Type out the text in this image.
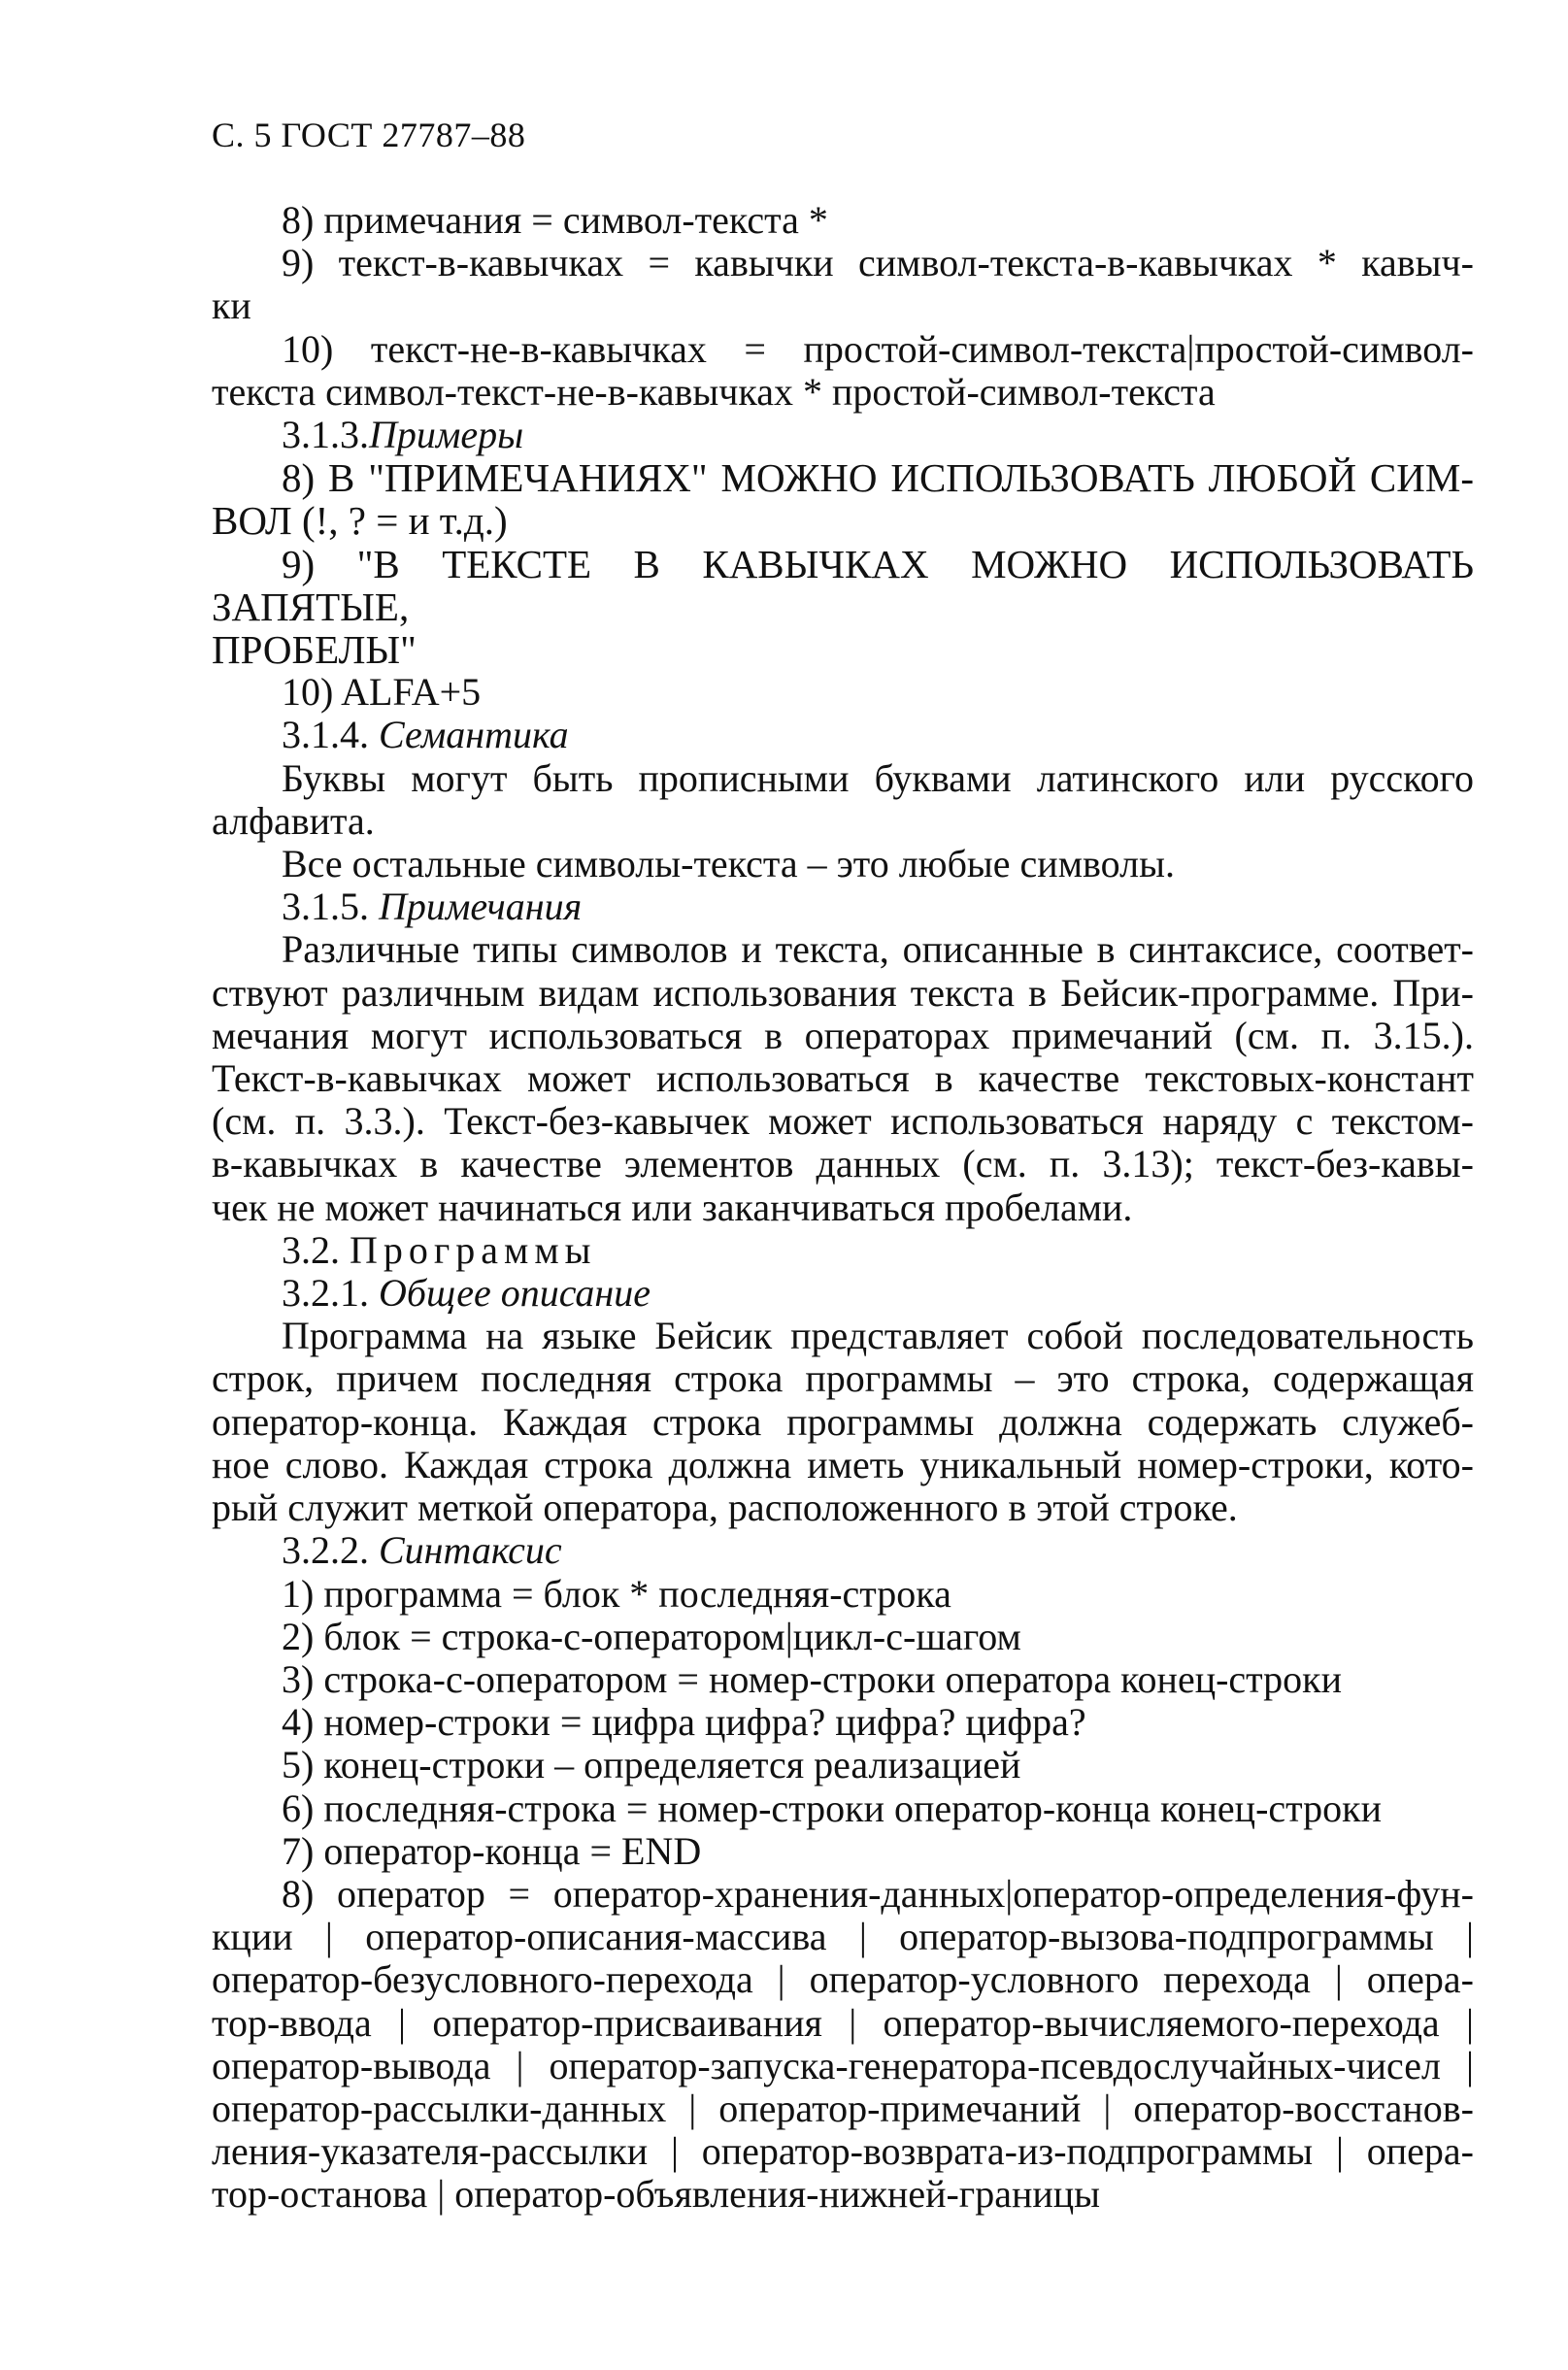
С. 5 ГОСТ 27787–88

8) примечания = символ-текста *

9) текст-в-кавычках = кавычки символ-текста-в-кавычках * кавыч-

ки

10) текст-не-в-кавычках = простой-символ-текста|простой-символ-

текста символ-текст-не-в-кавычках * простой-символ-текста

3.1.3.Примеры

8) В "ПРИМЕЧАНИЯХ" МОЖНО ИСПОЛЬЗОВАТЬ ЛЮБОЙ СИМ-

ВОЛ (!, ? = и т.д.)

9) "В ТЕКСТЕ В КАВЫЧКАХ МОЖНО ИСПОЛЬЗОВАТЬ ЗАПЯТЫЕ,

ПРОБЕЛЫ"

10) ALFA+5

3.1.4. Семантика

Буквы могут быть прописными буквами латинского или русского

алфавита.

Все остальные символы-текста – это любые символы.

3.1.5. Примечания

Различные типы символов и текста, описанные в синтаксисе, соответ-

ствуют различным видам использования текста в Бейсик-программе. При-

мечания могут использоваться в операторах примечаний (см. п. 3.15.).

Текст-в-кавычках может использоваться в качестве текстовых-констант

(см. п. 3.3.). Текст-без-кавычек может использоваться наряду с текстом-

в-кавычках в качестве элементов данных (см. п. 3.13); текст-без-кавы-

чек не может начинаться или заканчиваться пробелами.

3.2. Программы

3.2.1. Общее описание

Программа на языке Бейсик представляет собой последовательность

строк, причем последняя строка программы – это строка, содержащая

оператор-конца. Каждая строка программы должна содержать служеб-

ное слово. Каждая строка должна иметь уникальный номер-строки, кото-

рый служит меткой оператора, расположенного в этой строке.

3.2.2. Синтаксис

1) программа = блок * последняя-строка

2) блок = строка-с-оператором|цикл-с-шагом

3) строка-с-оператором = номер-строки оператора конец-строки

4) номер-строки = цифра цифра? цифра? цифра?

5) конец-строки – определяется реализацией

6) последняя-строка = номер-строки оператор-конца конец-строки

7) оператор-конца = END

8) оператор = оператор-хранения-данных|оператор-определения-фун-

кции | оператор-описания-массива | оператор-вызова-подпрограммы |

оператор-безусловного-перехода | оператор-условного перехода | опера-

тор-ввода | оператор-присваивания | оператор-вычисляемого-перехода |

оператор-вывода | оператор-запуска-генератора-псевдослучайных-чисел |

оператор-рассылки-данных | оператор-примечаний | оператор-восстанов-

ления-указателя-рассылки | оператор-возврата-из-подпрограммы | опера-

тор-останова | оператор-объявления-нижней-границы
